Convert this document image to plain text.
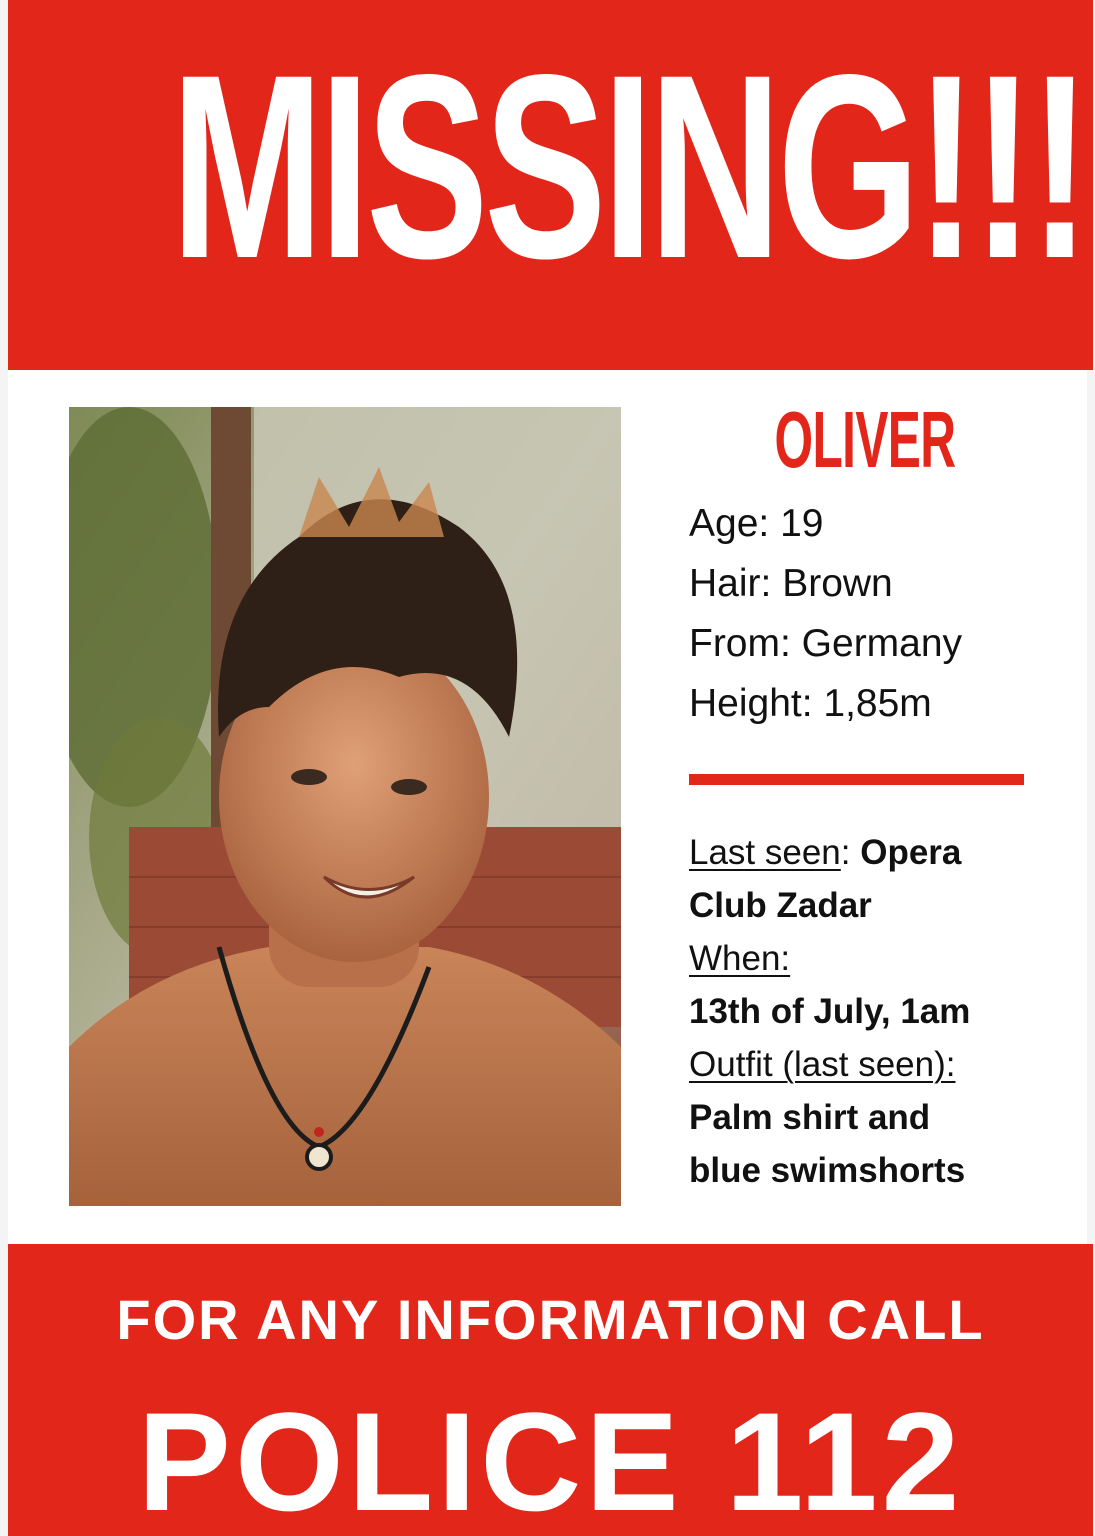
MISSING!!!
OLIVER
Age: 19
Hair: Brown
From: Germany
Height: 1,85m
Last seen: Opera
Club Zadar
When:
13th of July, 1am
Outfit (last seen):
Palm shirt and
blue swimshorts
FOR ANY INFORMATION CALL
POLICE 112
